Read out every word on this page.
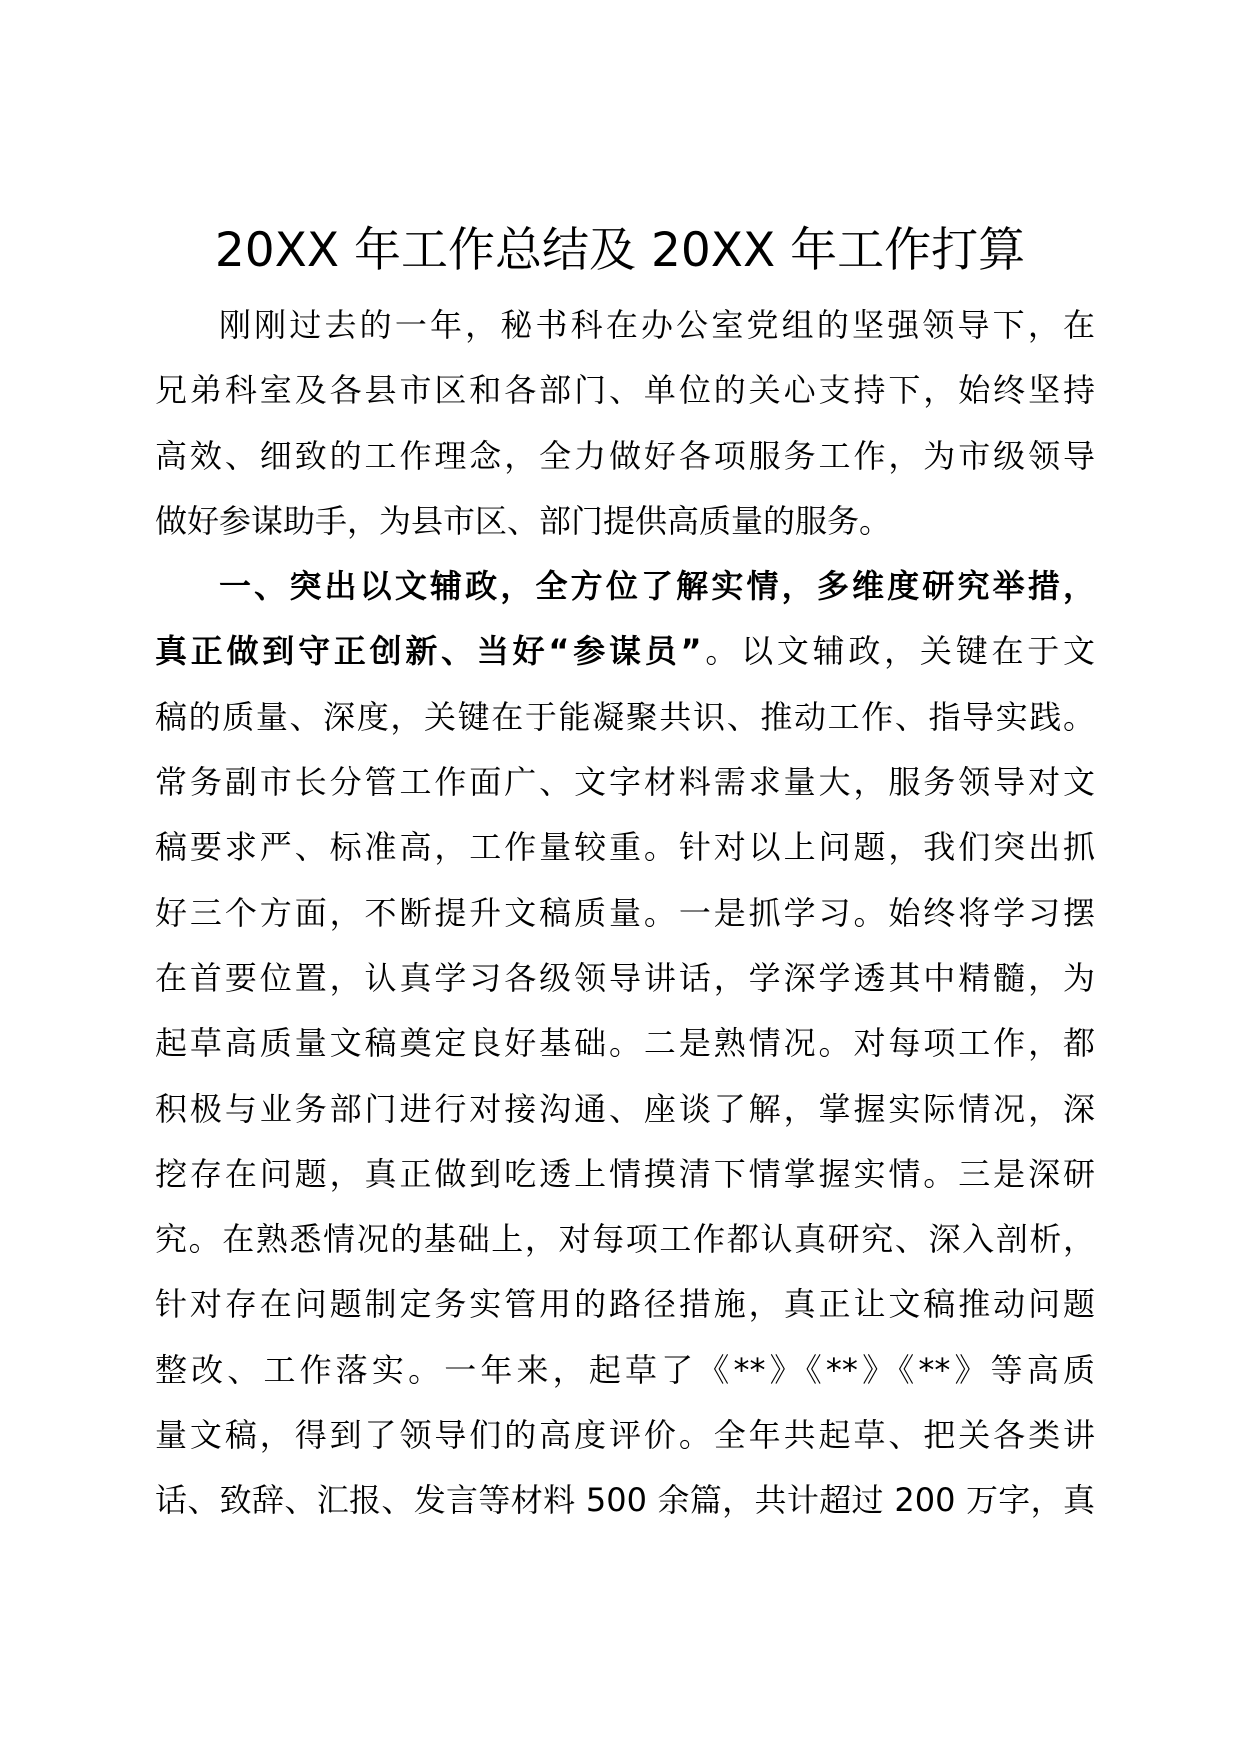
20XX 年工作总结及 20XX 年工作打算
刚刚过去的一年，秘书科在办公室党组的坚强领导下，在
兄弟科室及各县市区和各部门、单位的关心支持下，始终坚持
高效、细致的工作理念，全力做好各项服务工作，为市级领导
做好参谋助手，为县市区、部门提供高质量的服务。
一、突出以文辅政，全方位了解实情，多维度研究举措，
真正做到守正创新、当好“参谋员”。以文辅政，关键在于文
稿的质量、深度，关键在于能凝聚共识、推动工作、指导实践。
常务副市长分管工作面广、文字材料需求量大，服务领导对文
稿要求严、标准高，工作量较重。针对以上问题，我们突出抓
好三个方面，不断提升文稿质量。一是抓学习。始终将学习摆
在首要位置，认真学习各级领导讲话，学深学透其中精髓，为
起草高质量文稿奠定良好基础。二是熟情况。对每项工作，都
积极与业务部门进行对接沟通、座谈了解，掌握实际情况，深
挖存在问题，真正做到吃透上情摸清下情掌握实情。三是深研
究。在熟悉情况的基础上，对每项工作都认真研究、深入剖析，
针对存在问题制定务实管用的路径措施，真正让文稿推动问题
整改、工作落实。一年来，起草了《**》《**》《**》等高质
量文稿，得到了领导们的高度评价。全年共起草、把关各类讲
话、致辞、汇报、发言等材料 500 余篇，共计超过 200 万字，真
